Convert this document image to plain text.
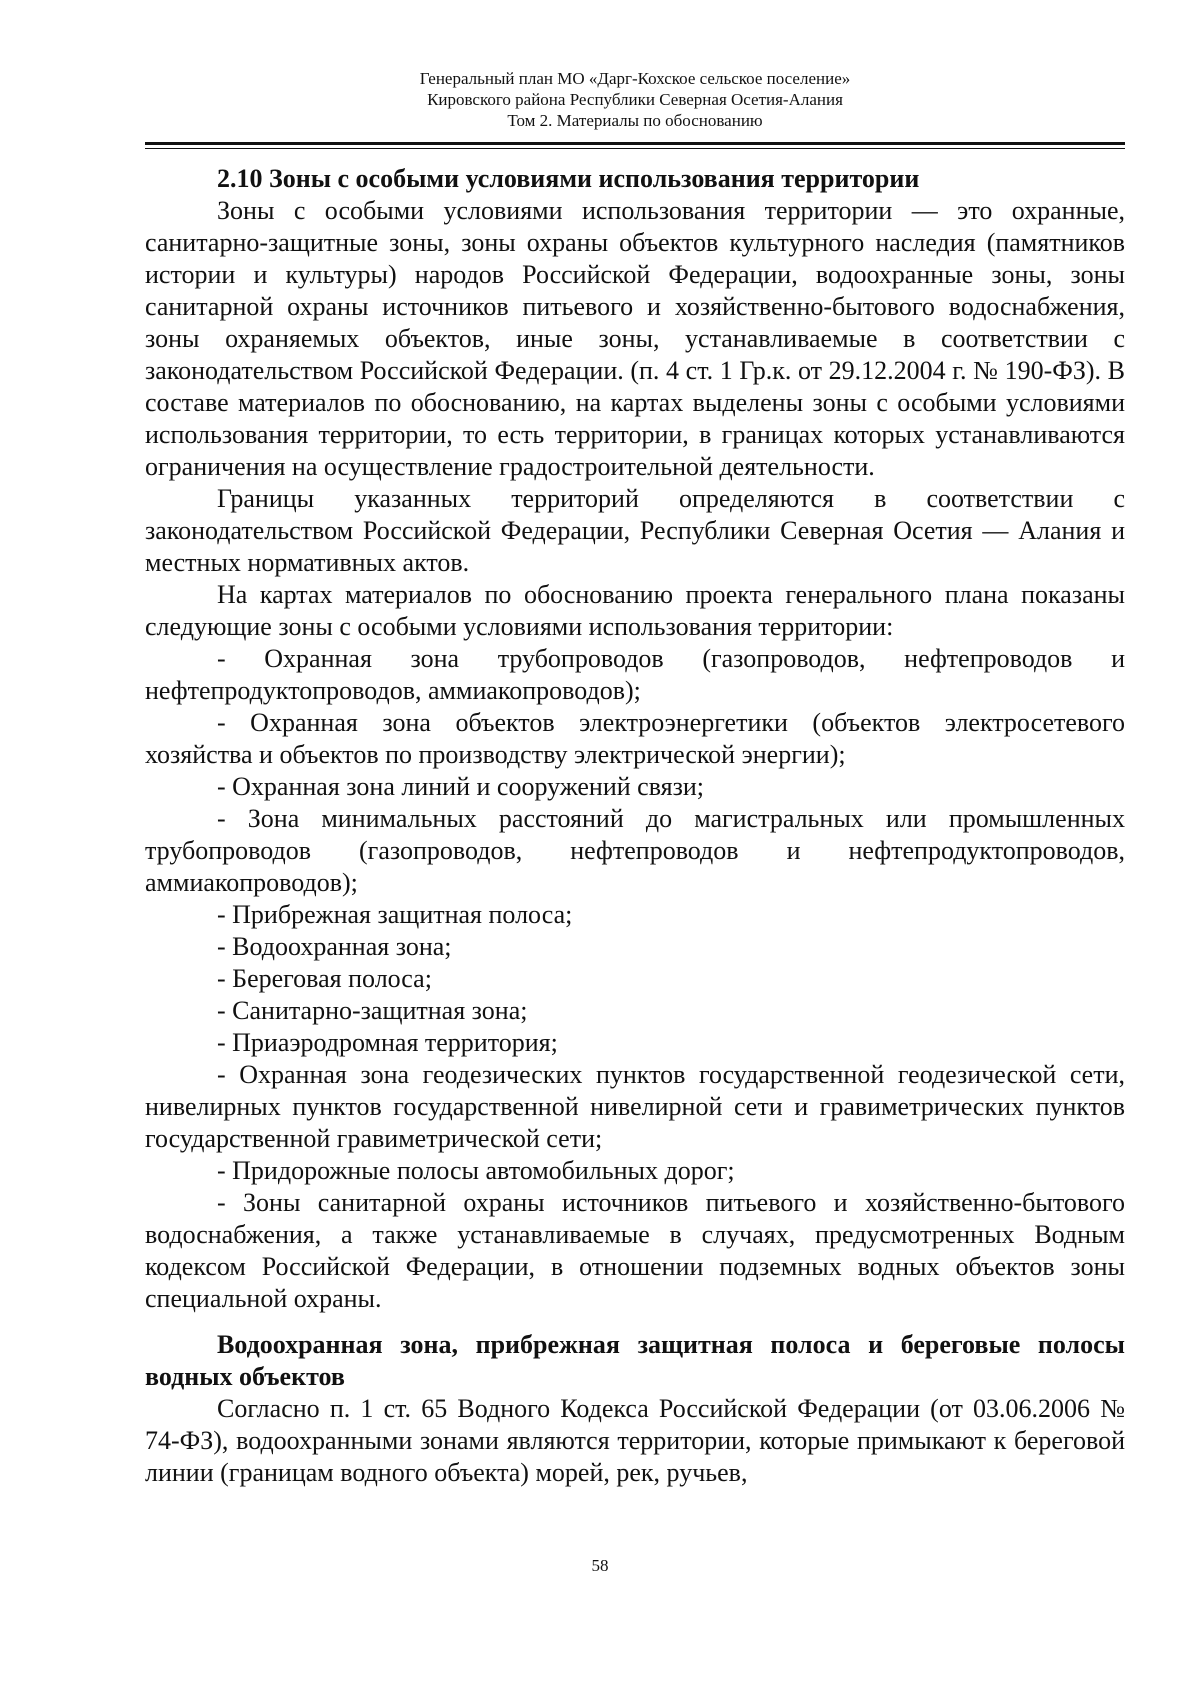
Генеральный план МО «Дарг-Кохское сельское поселение»
Кировского района Республики Северная Осетия-Алания
Том 2. Материалы по обоснованию

2.10 Зоны с особыми условиями использования территории

Зоны с особыми условиями использования территории — это охранные, санитарно-защитные зоны, зоны охраны объектов культурного наследия (памятников истории и культуры) народов Российской Федерации, водоохранные зоны, зоны санитарной охраны источников питьевого и хозяйственно-бытового водоснабжения, зоны охраняемых объектов, иные зоны, устанавливаемые в соответствии с законодательством Российской Федерации. (п. 4 ст. 1 Гр.к. от 29.12.2004 г. № 190-ФЗ). В составе материалов по обоснованию, на картах выделены зоны с особыми условиями использования территории, то есть территории, в границах которых устанавливаются ограничения на осуществление градостроительной деятельности.

Границы указанных территорий определяются в соответствии с законодательством Российской Федерации, Республики Северная Осетия — Алания и местных нормативных актов.

На картах материалов по обоснованию проекта генерального плана показаны следующие зоны с особыми условиями использования территории:

- Охранная зона трубопроводов (газопроводов, нефтепроводов и нефтепродуктопроводов, аммиакопроводов);

- Охранная зона объектов электроэнергетики (объектов электросетевого хозяйства и объектов по производству электрической энергии);

- Охранная зона линий и сооружений связи;

- Зона минимальных расстояний до магистральных или промышленных трубопроводов (газопроводов, нефтепроводов и нефтепродуктопроводов, аммиакопроводов);

- Прибрежная защитная полоса;

- Водоохранная зона;

- Береговая полоса;

- Санитарно-защитная зона;

- Приаэродромная территория;

- Охранная зона геодезических пунктов государственной геодезической сети, нивелирных пунктов государственной нивелирной сети и гравиметрических пунктов государственной гравиметрической сети;

- Придорожные полосы автомобильных дорог;

- Зоны санитарной охраны источников питьевого и хозяйственно-бытового водоснабжения, а также устанавливаемые в случаях, предусмотренных Водным кодексом Российской Федерации, в отношении подземных водных объектов зоны специальной охраны.

Водоохранная зона, прибрежная защитная полоса и береговые полосы водных объектов

Согласно п. 1 ст. 65 Водного Кодекса Российской Федерации (от 03.06.2006 № 74-ФЗ), водоохранными зонами являются территории, которые примыкают к береговой линии (границам водного объекта) морей, рек, ручьев,

58
